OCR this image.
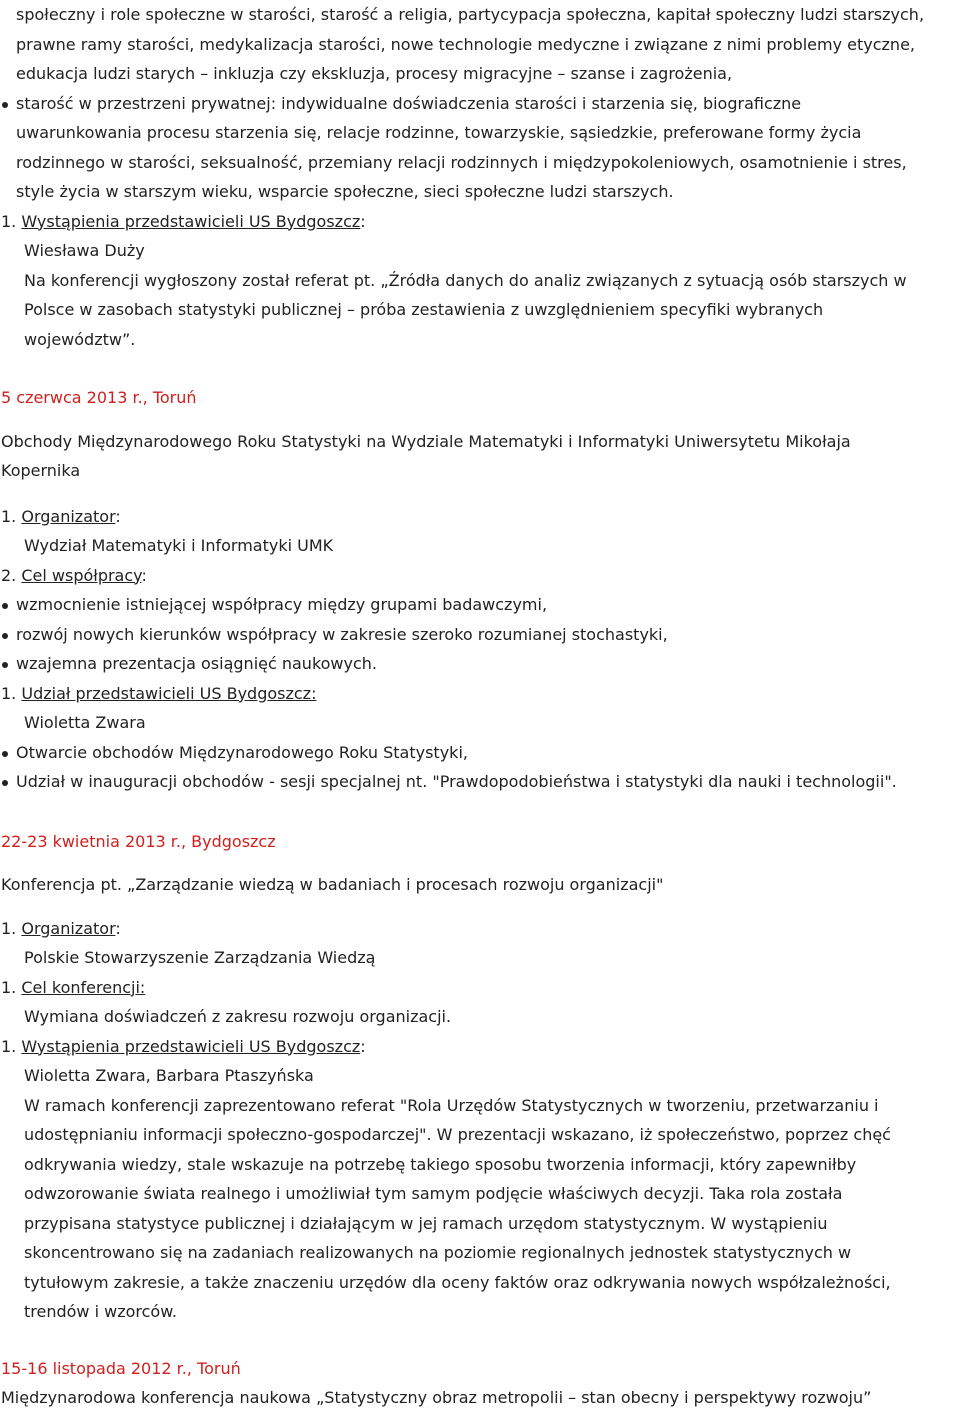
społeczny i role społeczne w starości, starość a religia, partycypacja społeczna, kapitał społeczny ludzi starszych,
prawne ramy starości, medykalizacja starości, nowe technologie medyczne i związane z nimi problemy etyczne,
edukacja ludzi starych – inkluzja czy ekskluzja, procesy migracyjne – szanse i zagrożenia,
starość w przestrzeni prywatnej: indywidualne doświadczenia starości i starzenia się, biograficzne
uwarunkowania procesu starzenia się, relacje rodzinne, towarzyskie, sąsiedzkie, preferowane formy życia
rodzinnego w starości, seksualność, przemiany relacji rodzinnych i międzypokoleniowych, osamotnienie i stres,
style życia w starszym wieku, wsparcie społeczne, sieci społeczne ludzi starszych.
1. Wystąpienia przedstawicieli US Bydgoszcz:
Wiesława Duży
Na konferencji wygłoszony został referat pt. „Źródła danych do analiz związanych z sytuacją osób starszych w
Polsce w zasobach statystyki publicznej – próba zestawienia z uwzględnieniem specyfiki wybranych
województw”.
5 czerwca 2013 r., Toruń
Obchody Międzynarodowego Roku Statystyki na Wydziale Matematyki i Informatyki Uniwersytetu Mikołaja
Kopernika
1. Organizator:
Wydział Matematyki i Informatyki UMK
2. Cel współpracy:
wzmocnienie istniejącej współpracy między grupami badawczymi,
rozwój nowych kierunków współpracy w zakresie szeroko rozumianej stochastyki,
wzajemna prezentacja osiągnięć naukowych.
1. Udział przedstawicieli US Bydgoszcz:
Wioletta Zwara
Otwarcie obchodów Międzynarodowego Roku Statystyki,
Udział w inauguracji obchodów - sesji specjalnej nt. "Prawdopodobieństwa i statystyki dla nauki i technologii".
22-23 kwietnia 2013 r., Bydgoszcz
Konferencja pt. „Zarządzanie wiedzą w badaniach i procesach rozwoju organizacji"
1. Organizator:
Polskie Stowarzyszenie Zarządzania Wiedzą
1. Cel konferencji:
Wymiana doświadczeń z zakresu rozwoju organizacji.
1. Wystąpienia przedstawicieli US Bydgoszcz:
Wioletta Zwara, Barbara Ptaszyńska
W ramach konferencji zaprezentowano referat "Rola Urzędów Statystycznych w tworzeniu, przetwarzaniu i
udostępnianiu informacji społeczno-gospodarczej". W prezentacji wskazano, iż społeczeństwo, poprzez chęć
odkrywania wiedzy, stale wskazuje na potrzebę takiego sposobu tworzenia informacji, który zapewniłby
odwzorowanie świata realnego i umożliwiał tym samym podjęcie właściwych decyzji. Taka rola została
przypisana statystyce publicznej i działającym w jej ramach urzędom statystycznym. W wystąpieniu
skoncentrowano się na zadaniach realizowanych na poziomie regionalnych jednostek statystycznych w
tytułowym zakresie, a także znaczeniu urzędów dla oceny faktów oraz odkrywania nowych współzależności,
trendów i wzorców.
15-16 listopada 2012 r., Toruń
Międzynarodowa konferencja naukowa „Statystyczny obraz metropolii – stan obecny i perspektywy rozwoju”
